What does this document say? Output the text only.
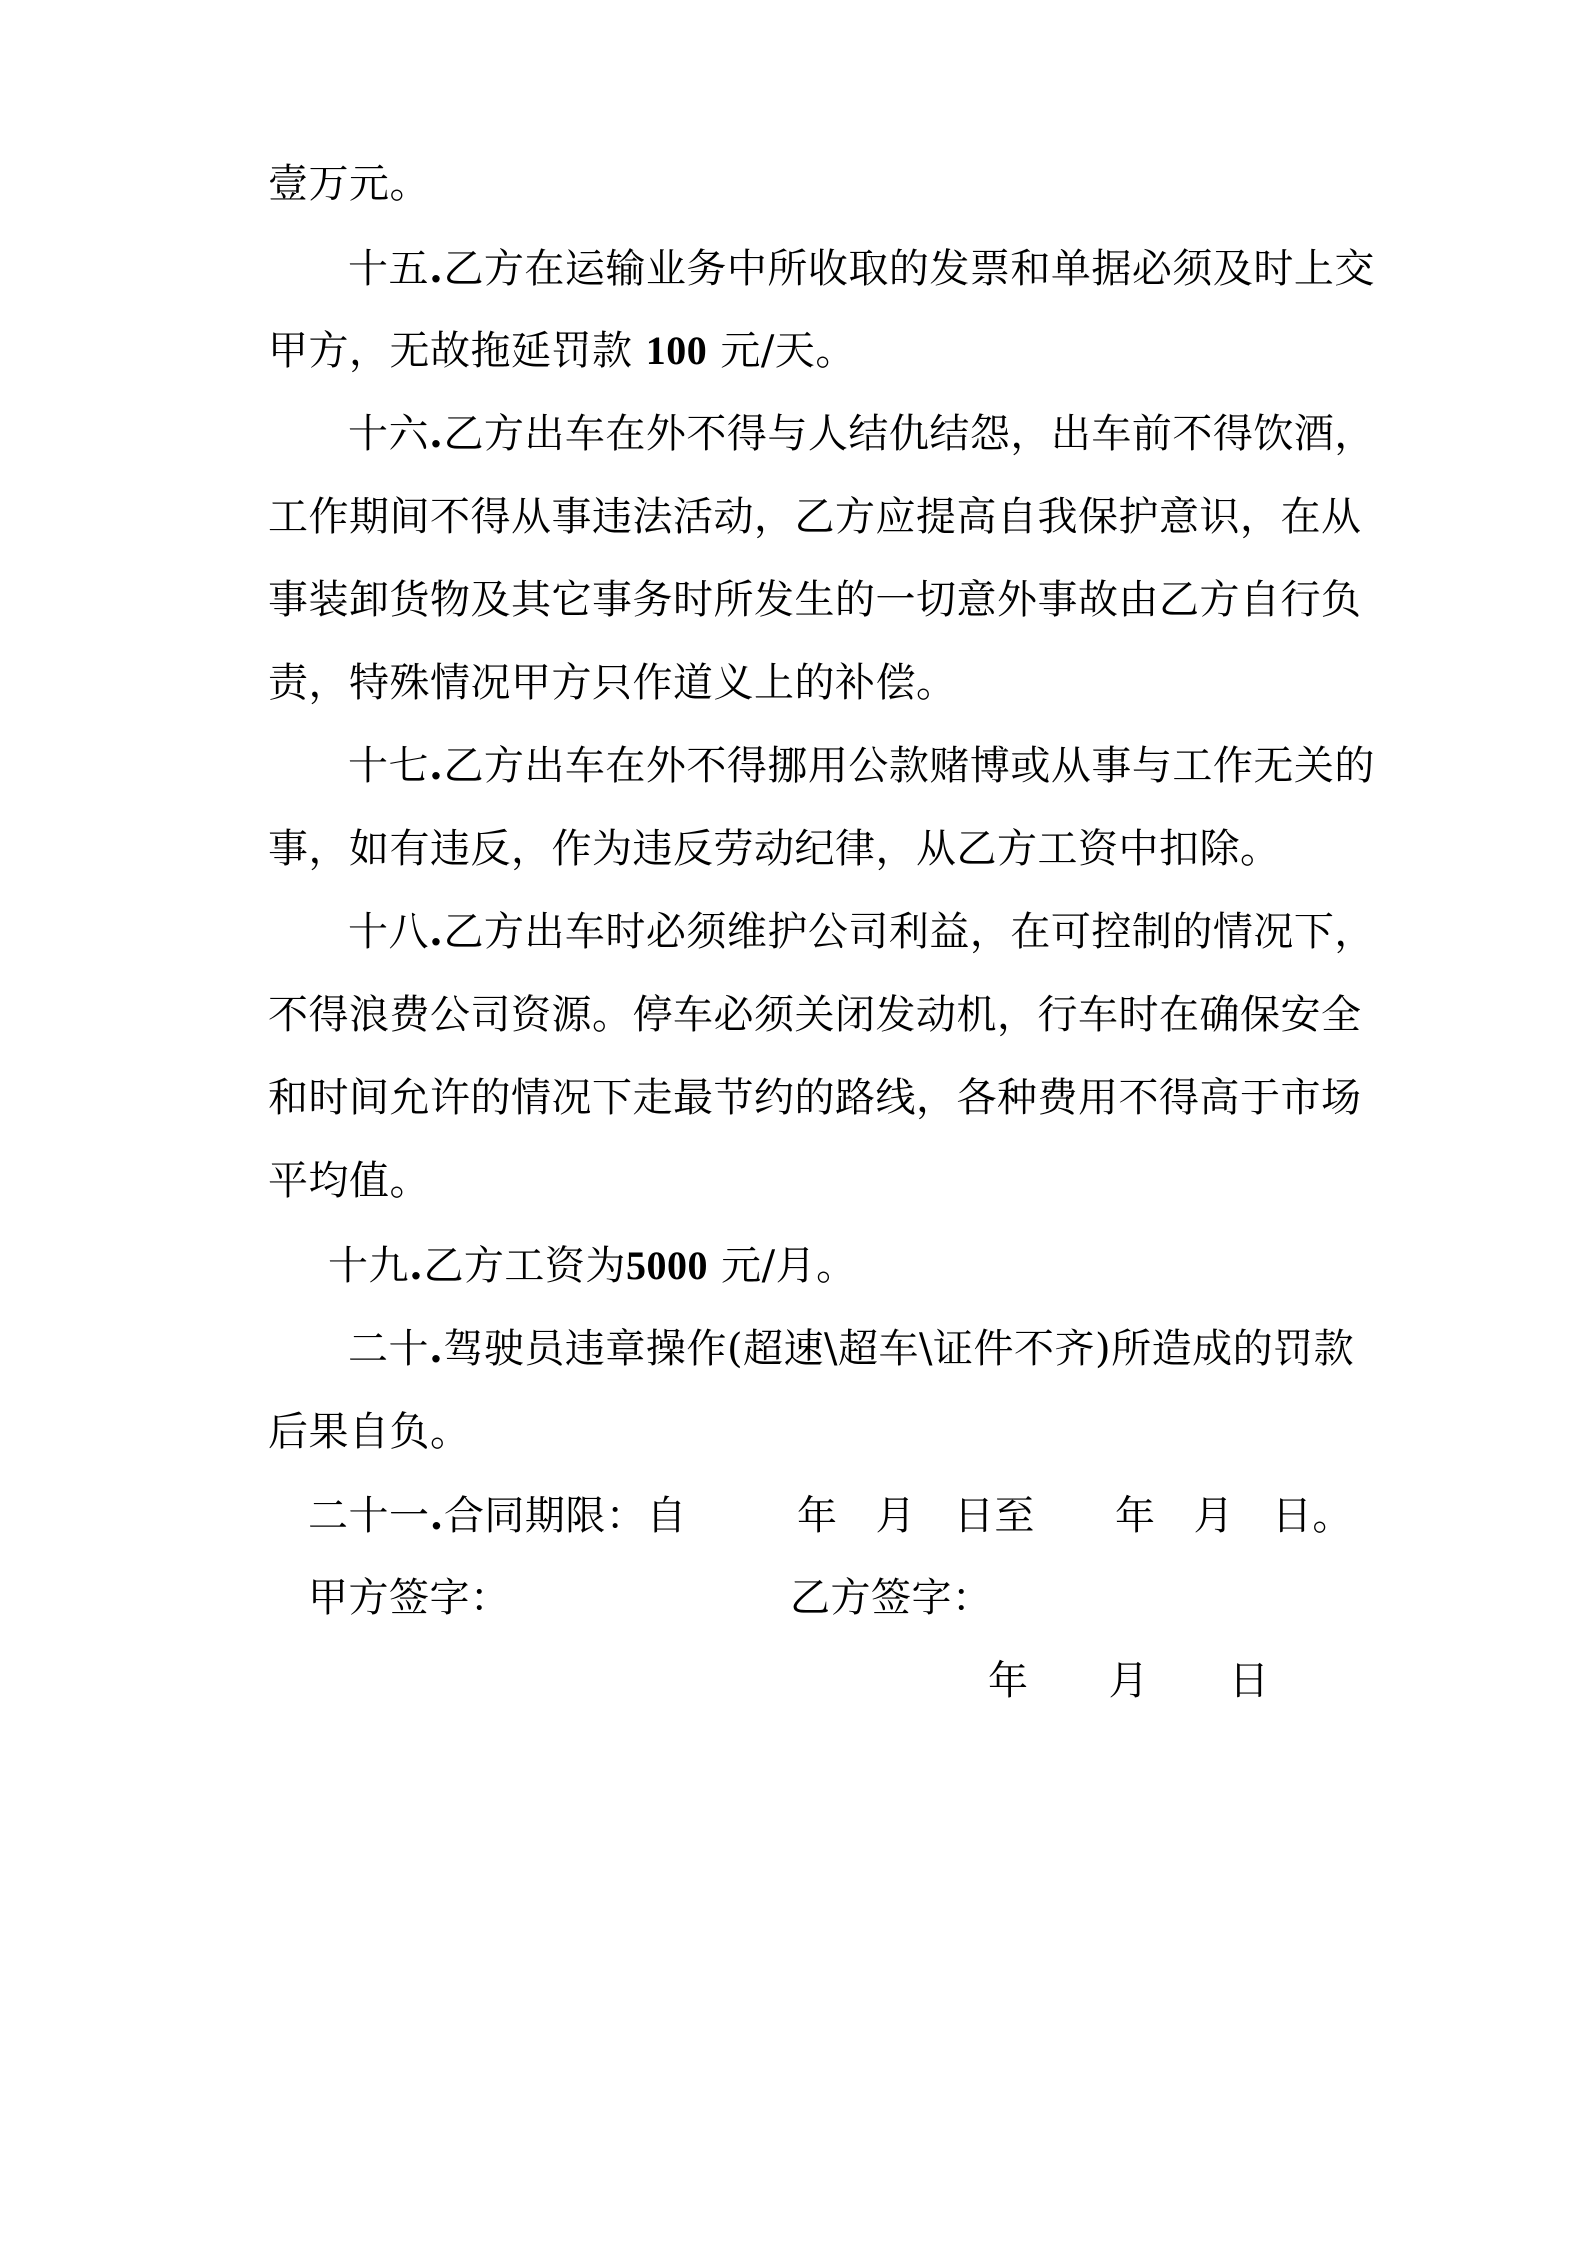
壹万元。
十五.乙方在运输业务中所收取的发票和单据必须及时上交
甲方，无故拖延罚款 100 元/天。
十六.乙方出车在外不得与人结仇结怨，出车前不得饮酒，
工作期间不得从事违法活动，乙方应提高自我保护意识，在从
事装卸货物及其它事务时所发生的一切意外事故由乙方自行负
责，特殊情况甲方只作道义上的补偿。
十七.乙方出车在外不得挪用公款赌博或从事与工作无关的
事，如有违反，作为违反劳动纪律，从乙方工资中扣除。
十八.乙方出车时必须维护公司利益，在可控制的情况下，
不得浪费公司资源。停车必须关闭发动机，行车时在确保安全
和时间允许的情况下走最节约的路线，各种费用不得高于市场
平均值。
十九.乙方工资为5000 元/月。
二十.驾驶员违章操作(超速\超车\证件不齐)所造成的罚款
后果自负。
二十一.合同期限：自	年 月 日至 年 月 日。
甲方签字：	乙方签字：
年 月 日
